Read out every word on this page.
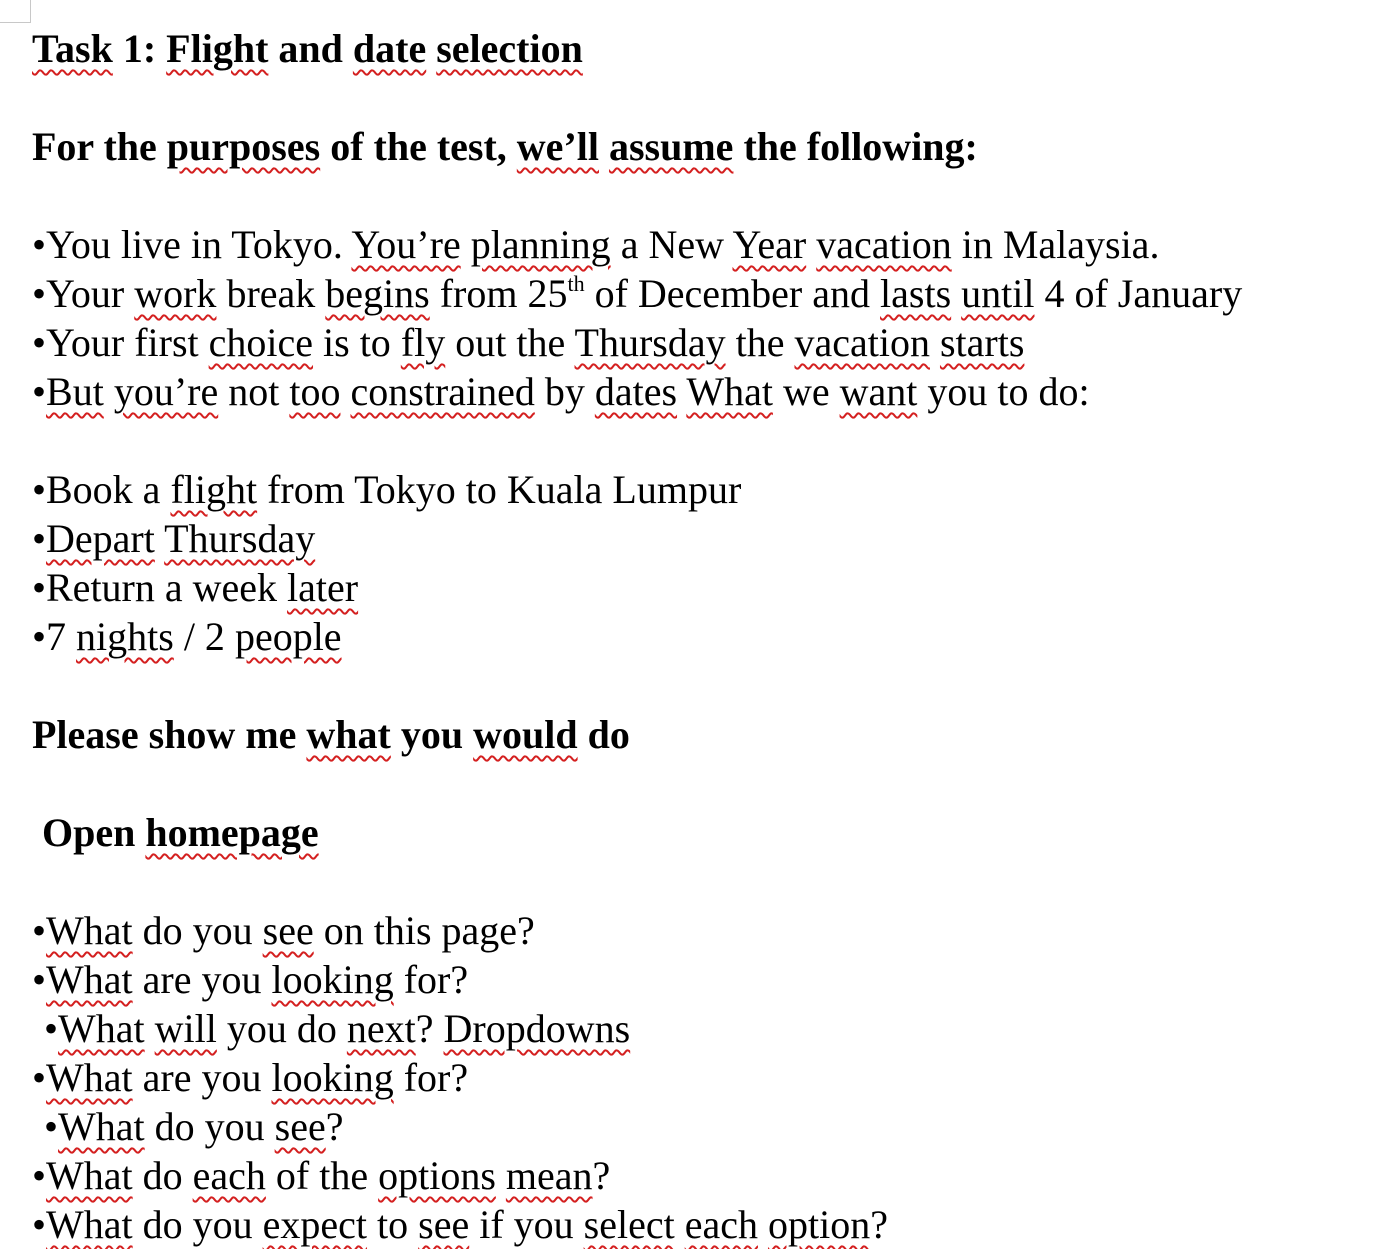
Task 1: Flight and date selection
For the purposes of the test, we’ll assume the following:
•You live in Tokyo. You’re planning a New Year vacation in Malaysia.
•Your work break begins from 25th of December and lasts until 4 of January
•Your first choice is to fly out the Thursday the vacation starts
•But you’re not too constrained by dates What we want you to do:
•Book a flight from Tokyo to Kuala Lumpur
•Depart Thursday
•Return a week later
•7 nights / 2 people
Please show me what you would do
Open homepage
•What do you see on this page?
•What are you looking for?
•What will you do next? Dropdowns
•What are you looking for?
•What do you see?
•What do each of the options mean?
•What do you expect to see if you select each option?
